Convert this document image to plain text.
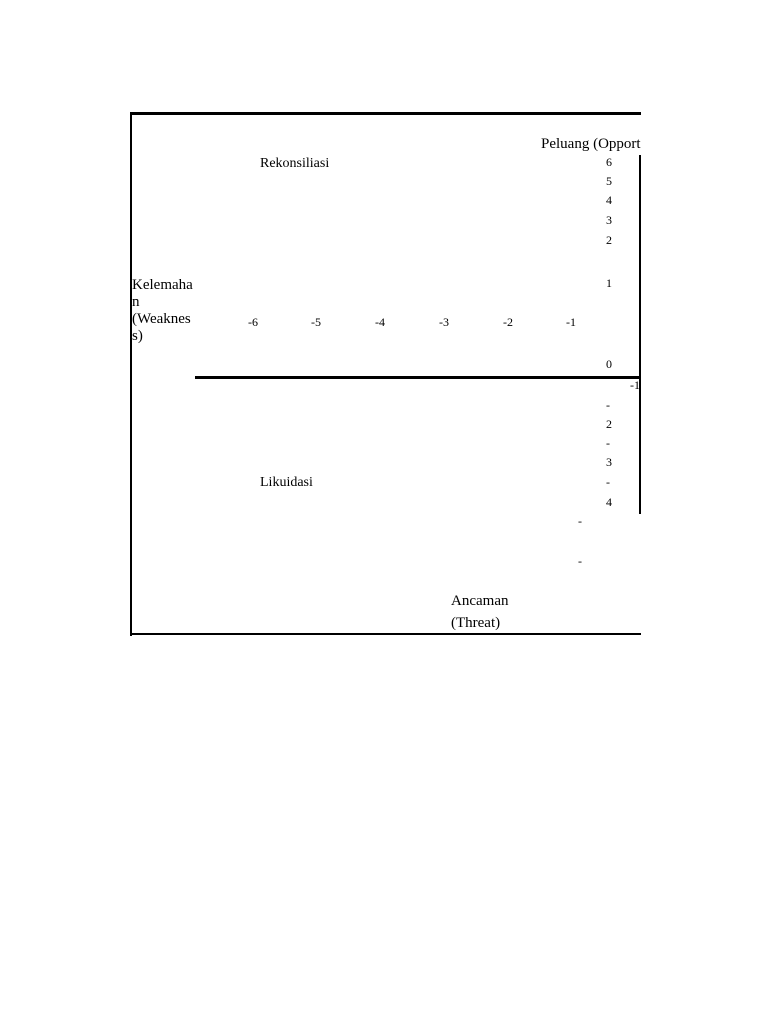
Peluang (Opport
Kelemaha
n
(Weaknes
s)
Ancaman
(Threat)
Rekonsiliasi
Likuidasi
-6	-5	-4	-3	-2	-1
6
5
4
3
2
1
0
-1
-
2
-
3
-
4
-
-
